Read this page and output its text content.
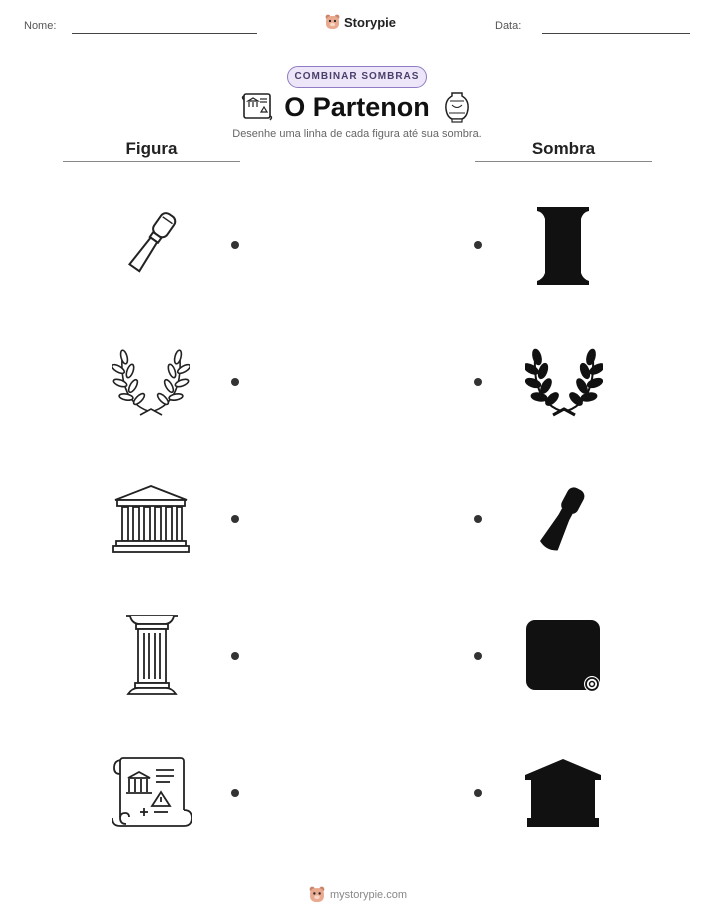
Nome:	Storypie	Data:
COMBINAR SOMBRAS
O Partenon
Desenhe uma linha de cada figura até sua sombra.
Figura	Sombra
mystorypie.com
